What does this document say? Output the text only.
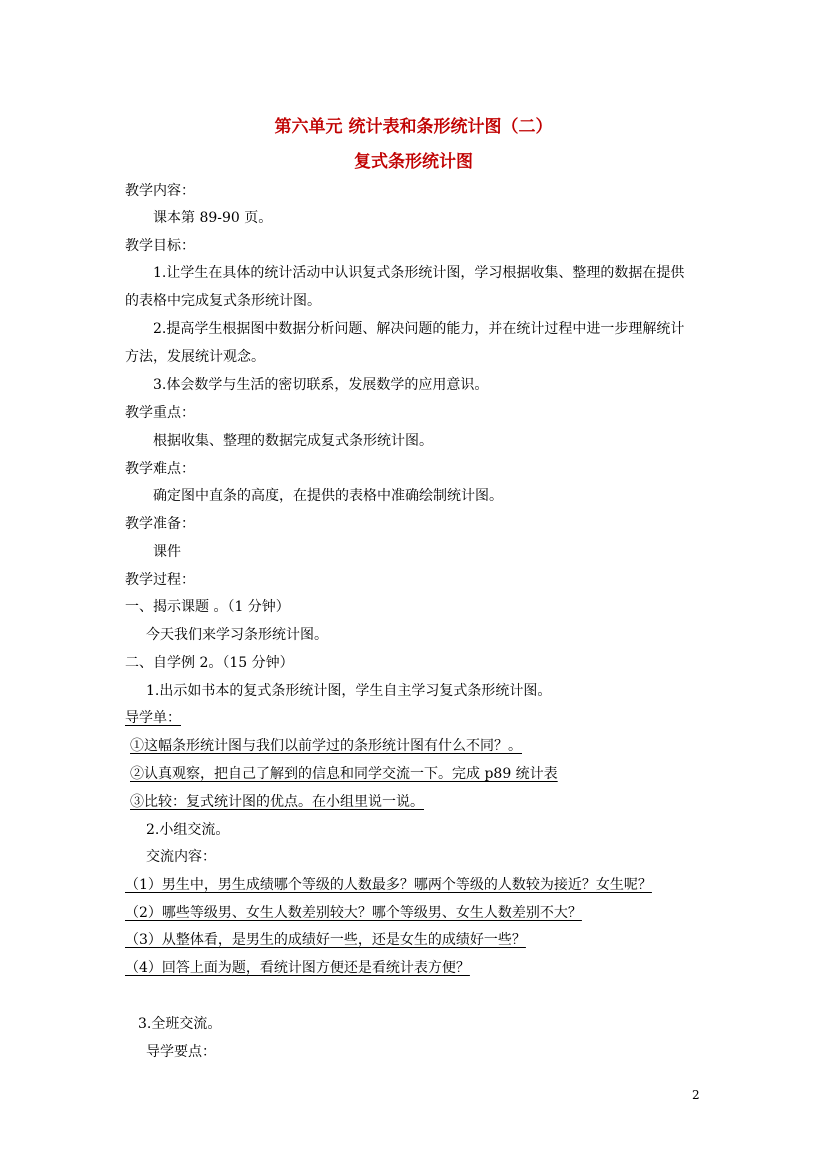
第六单元 统计表和条形统计图（二）
复式条形统计图
教学内容：
课本第 89-90 页。
教学目标：
1.让学生在具体的统计活动中认识复式条形统计图，学习根据收集、整理的数据在提供
的表格中完成复式条形统计图。
2.提高学生根据图中数据分析问题、解决问题的能力，并在统计过程中进一步理解统计
方法，发展统计观念。
3.体会数学与生活的密切联系，发展数学的应用意识。
教学重点：
根据收集、整理的数据完成复式条形统计图。
教学难点：
确定图中直条的高度，在提供的表格中准确绘制统计图。
教学准备：
课件
教学过程：
一、揭示课题 。（1 分钟）
今天我们来学习条形统计图。
二、自学例 2。（15 分钟）
1.出示如书本的复式条形统计图，学生自主学习复式条形统计图。
导学单：
①这幅条形统计图与我们以前学过的条形统计图有什么不同？。
②认真观察，把自己了解到的信息和同学交流一下。完成 p89 统计表
③比较：复式统计图的优点。在小组里说一说。
2.小组交流。
交流内容：
（1）男生中，男生成绩哪个等级的人数最多？哪两个等级的人数较为接近？女生呢？
（2）哪些等级男、女生人数差别较大？哪个等级男、女生人数差别不大？
（3）从整体看，是男生的成绩好一些，还是女生的成绩好一些？
（4）回答上面为题，看统计图方便还是看统计表方便？
3.全班交流。
导学要点：
2
